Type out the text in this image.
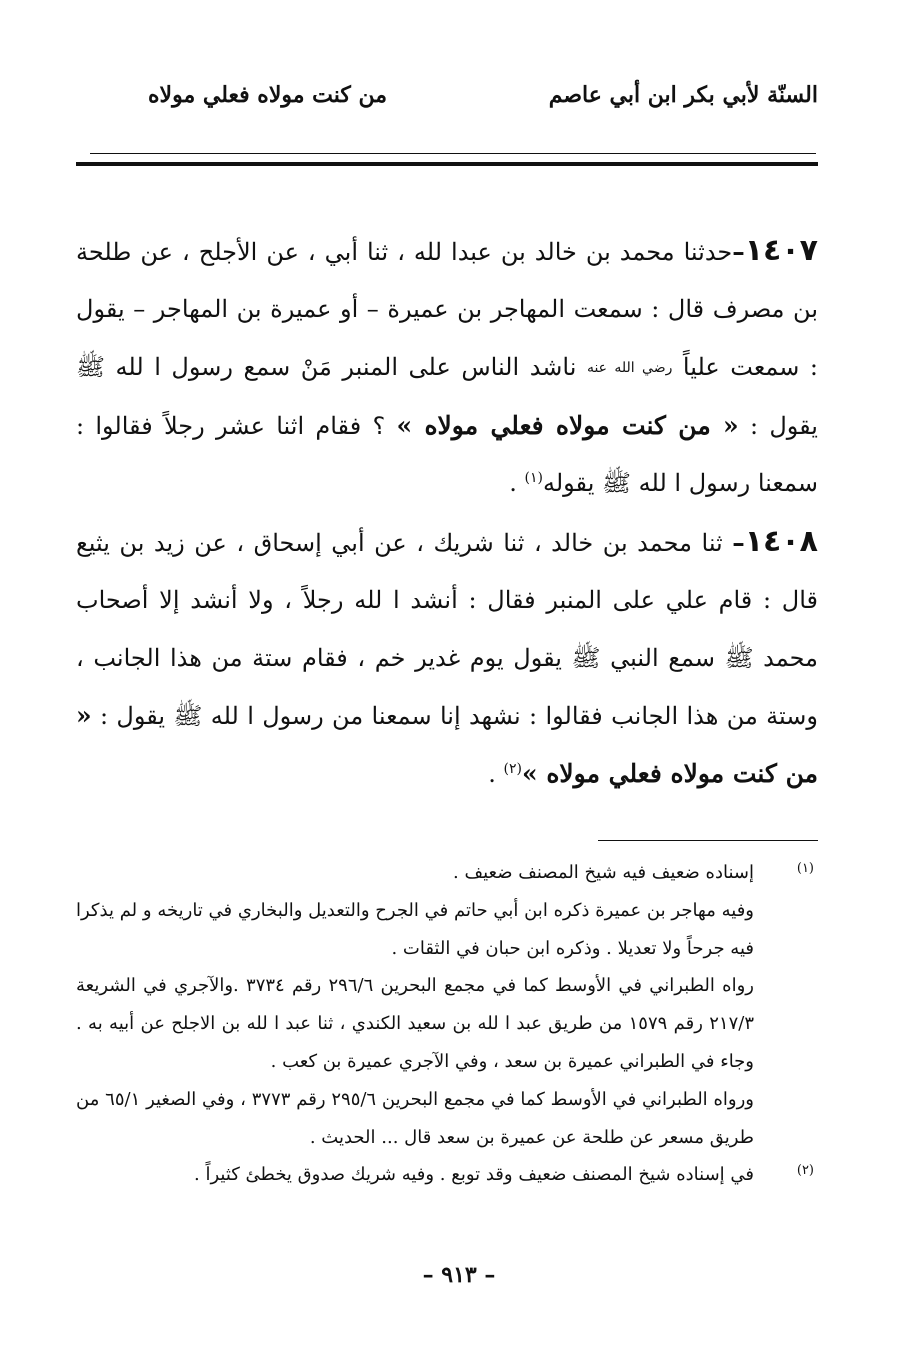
السنّة لأبي بكر ابن أبي عاصم
من كنت مولاه فعلي مولاه

١٤٠٧–حدثنا محمد بن خالد بن عبدا لله ، ثنا أبي ، عن الأجلح ، عن طلحة بن مصرف قال : سمعت المهاجر بن عميرة – أو عميرة بن المهاجر – يقول : سمعت علياً رضي الله عنه ناشد الناس على المنبر مَنْ سمع رسول ا لله ﷺ يقول : « من كنت مولاه فعلي مولاه » ؟ فقام اثنا عشر رجلاً فقالوا : سمعنا رسول ا لله ﷺ يقوله$^{(١)}$ .

١٤٠٨– ثنا محمد بن خالد ، ثنا شريك ، عن أبي إسحاق ، عن زيد بن يثيع قال : قام علي على المنبر فقال : أنشد ا لله رجلاً ، ولا أنشد إلا أصحاب محمد ﷺ سمع النبي ﷺ يقول يوم غدير خم ، فقام ستة من هذا الجانب ، وستة من هذا الجانب فقالوا : نشهد إنا سمعنا من رسول ا لله ﷺ يقول : « من كنت مولاه فعلي مولاه »$^{(٢)}$ .

(١)
إسناده ضعيف فيه شيخ المصنف ضعيف .
وفيه مهاجر بن عميرة ذكره ابن أبي حاتم في الجرح والتعديل والبخاري في تاريخه و لم يذكرا فيه جرحاً ولا تعديلا . وذكره ابن حبان في الثقات .
رواه الطبراني في الأوسط كما في مجمع البحرين ٢٩٦/٦ رقم ٣٧٣٤ .والآجري في الشريعة ٢١٧/٣ رقم ١٥٧٩ من طريق عبد ا لله بن سعيد الكندي ، ثنا عبد ا لله بن الاجلح عن أبيه به . وجاء في الطبراني عميرة بن سعد ، وفي الآجري عميرة بن كعب .
ورواه الطبراني في الأوسط كما في مجمع البحرين ٢٩٥/٦ رقم ٣٧٧٣ ، وفي الصغير ٦٥/١ من طريق مسعر عن طلحة عن عميرة بن سعد قال ... الحديث .
(٢)
في إسناده شيخ المصنف ضعيف وقد توبع . وفيه شريك صدوق يخطئ كثيراً .
– ٩١٣ –
